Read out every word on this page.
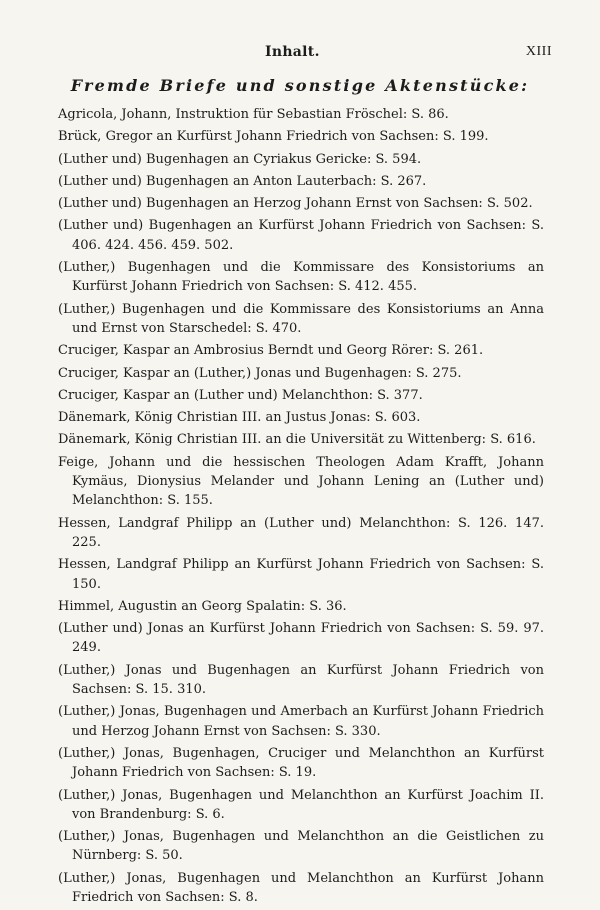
Inhalt.	XIII
Fremde Briefe und sonstige Aktenstücke:
Agricola, Johann, Instruktion für Sebastian Fröschel: S. 86.
Brück, Gregor an Kurfürst Johann Friedrich von Sachsen: S. 199.
(Luther und) Bugenhagen an Cyriakus Gericke: S. 594.
(Luther und) Bugenhagen an Anton Lauterbach: S. 267.
(Luther und) Bugenhagen an Herzog Johann Ernst von Sachsen: S. 502.
(Luther und) Bugenhagen an Kurfürst Johann Friedrich von Sachsen: S. 406. 424. 456. 459. 502.
(Luther,) Bugenhagen und die Kommissare des Konsistoriums an Kurfürst Johann Friedrich von Sachsen: S. 412. 455.
(Luther,) Bugenhagen und die Kommissare des Konsistoriums an Anna und Ernst von Starschedel: S. 470.
Cruciger, Kaspar an Ambrosius Berndt und Georg Rörer: S. 261.
Cruciger, Kaspar an (Luther,) Jonas und Bugenhagen: S. 275.
Cruciger, Kaspar an (Luther und) Melanchthon: S. 377.
Dänemark, König Christian III. an Justus Jonas: S. 603.
Dänemark, König Christian III. an die Universität zu Wittenberg: S. 616.
Feige, Johann und die hessischen Theologen Adam Krafft, Johann Kymäus, Dionysius Melander und Johann Lening an (Luther und) Melanchthon: S. 155.
Hessen, Landgraf Philipp an (Luther und) Melanchthon: S. 126. 147. 225.
Hessen, Landgraf Philipp an Kurfürst Johann Friedrich von Sachsen: S. 150.
Himmel, Augustin an Georg Spalatin: S. 36.
(Luther und) Jonas an Kurfürst Johann Friedrich von Sachsen: S. 59. 97. 249.
(Luther,) Jonas und Bugenhagen an Kurfürst Johann Friedrich von Sachsen: S. 15. 310.
(Luther,) Jonas, Bugenhagen und Amerbach an Kurfürst Johann Friedrich und Herzog Johann Ernst von Sachsen: S. 330.
(Luther,) Jonas, Bugenhagen, Cruciger und Melanchthon an Kurfürst Johann Friedrich von Sachsen: S. 19.
(Luther,) Jonas, Bugenhagen und Melanchthon an Kurfürst Joachim II. von Brandenburg: S. 6.
(Luther,) Jonas, Bugenhagen und Melanchthon an die Geistlichen zu Nürnberg: S. 50.
(Luther,) Jonas, Bugenhagen und Melanchthon an Kurfürst Johann Friedrich von Sachsen: S. 8.
